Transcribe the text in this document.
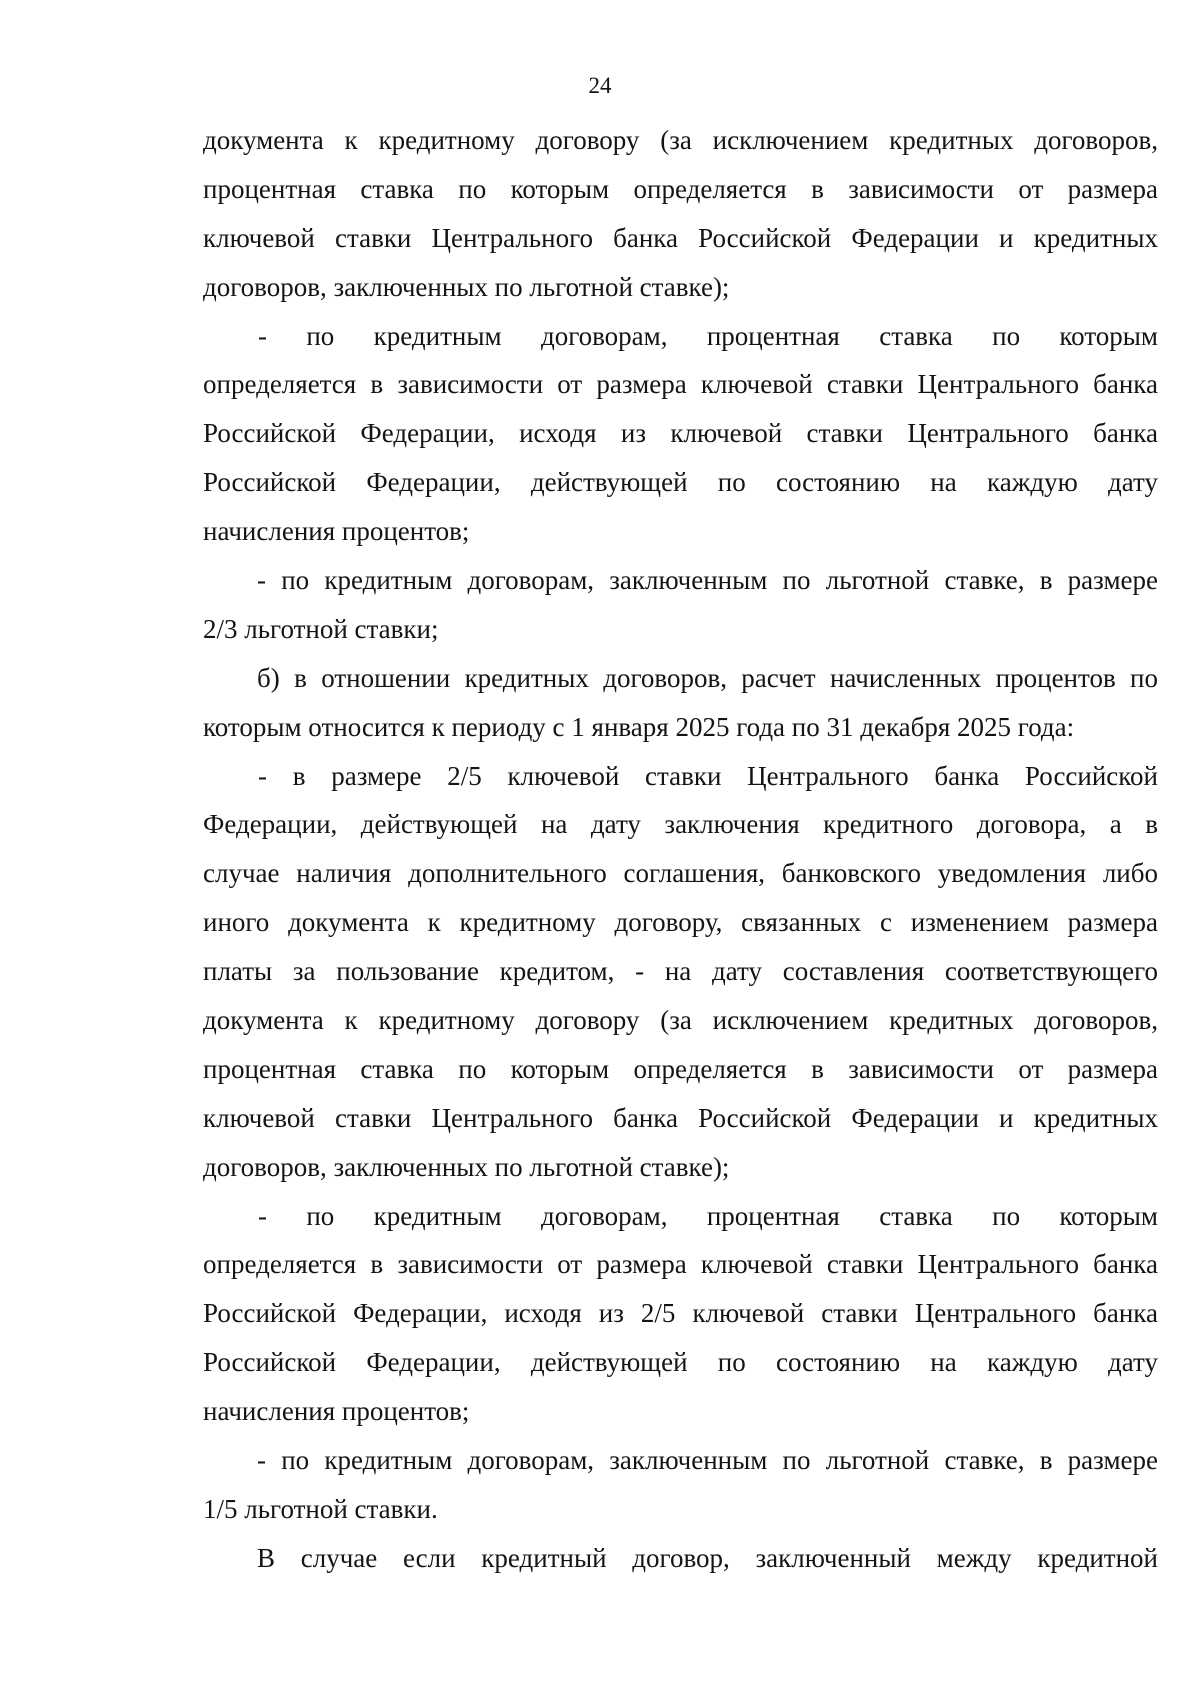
24
документа к кредитному договору (за исключением кредитных договоров,
процентная ставка по которым определяется в зависимости от размера
ключевой ставки Центрального банка Российской Федерации и кредитных
договоров, заключенных по льготной ставке);
- по кредитным договорам, процентная ставка по которым
определяется в зависимости от размера ключевой ставки Центрального банка
Российской Федерации, исходя из ключевой ставки Центрального банка
Российской Федерации, действующей по состоянию на каждую дату
начисления процентов;
- по кредитным договорам, заключенным по льготной ставке, в размере
2/3 льготной ставки;
б) в отношении кредитных договоров, расчет начисленных процентов по
которым относится к периоду с 1 января 2025 года по 31 декабря 2025 года:
- в размере 2/5 ключевой ставки Центрального банка Российской
Федерации, действующей на дату заключения кредитного договора, а в
случае наличия дополнительного соглашения, банковского уведомления либо
иного документа к кредитному договору, связанных с изменением размера
платы за пользование кредитом, - на дату составления соответствующего
документа к кредитному договору (за исключением кредитных договоров,
процентная ставка по которым определяется в зависимости от размера
ключевой ставки Центрального банка Российской Федерации и кредитных
договоров, заключенных по льготной ставке);
- по кредитным договорам, процентная ставка по которым
определяется в зависимости от размера ключевой ставки Центрального банка
Российской Федерации, исходя из 2/5 ключевой ставки Центрального банка
Российской Федерации, действующей по состоянию на каждую дату
начисления процентов;
- по кредитным договорам, заключенным по льготной ставке, в размере
1/5 льготной ставки.
В случае если кредитный договор, заключенный между кредитной
